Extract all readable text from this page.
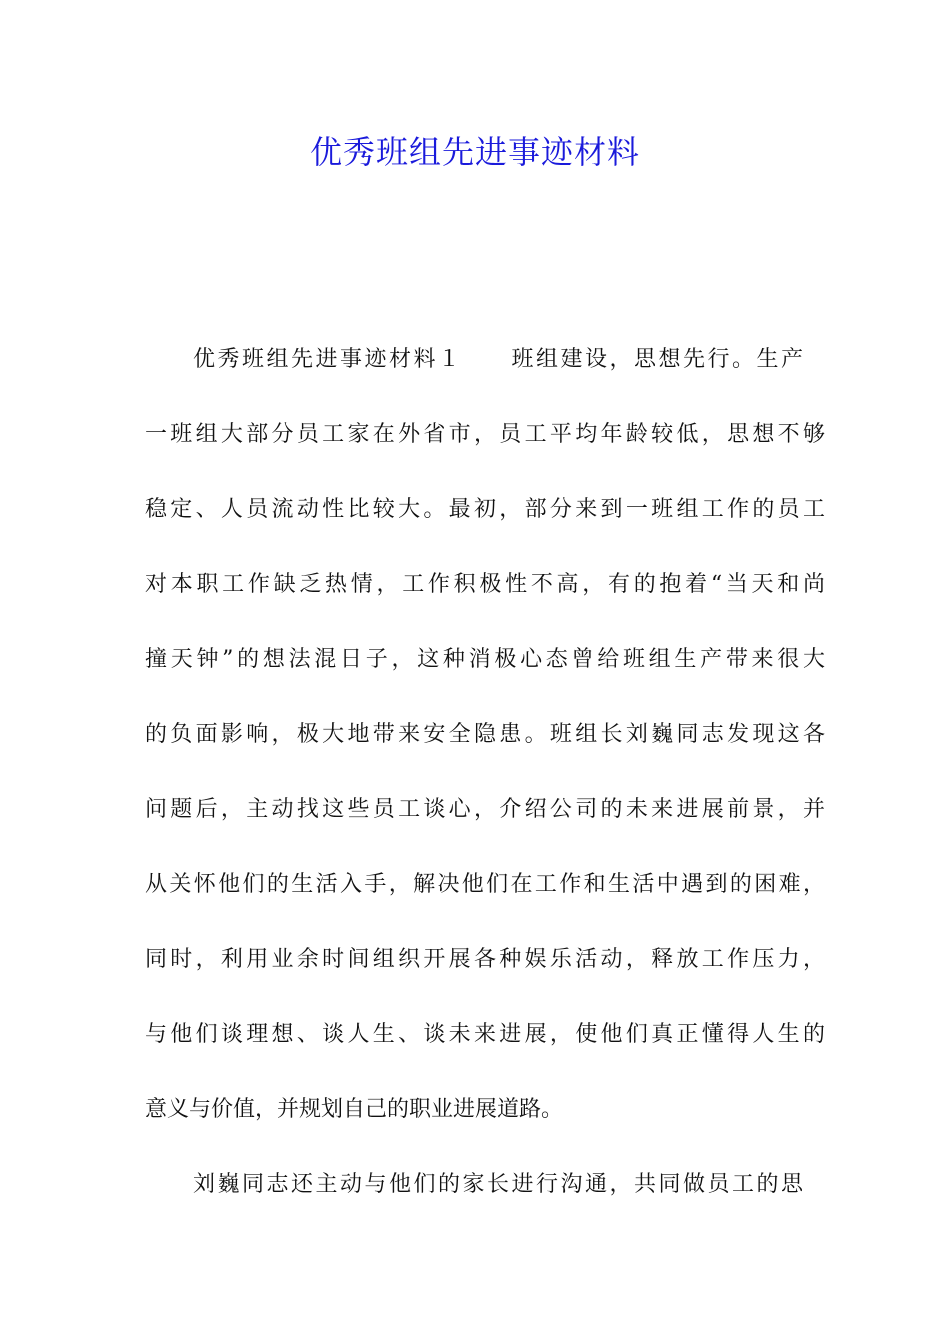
优秀班组先进事迹材料
优秀班组先进事迹材料１　　班组建设，思想先行。生产
一班组大部分员工家在外省市，员工平均年龄较低，思想不够
稳定、人员流动性比较大。最初，部分来到一班组工作的员工
对本职工作缺乏热情，工作积极性不高，有的抱着“当天和尚
撞天钟”的想法混日子，这种消极心态曾给班组生产带来很大
的负面影响，极大地带来安全隐患。班组长刘巍同志发现这各
问题后，主动找这些员工谈心，介绍公司的未来进展前景，并
从关怀他们的生活入手，解决他们在工作和生活中遇到的困难，
同时，利用业余时间组织开展各种娱乐活动，释放工作压力，
与他们谈理想、谈人生、谈未来进展，使他们真正懂得人生的
意义与价值，并规划自己的职业进展道路。
刘巍同志还主动与他们的家长进行沟通，共同做员工的思
